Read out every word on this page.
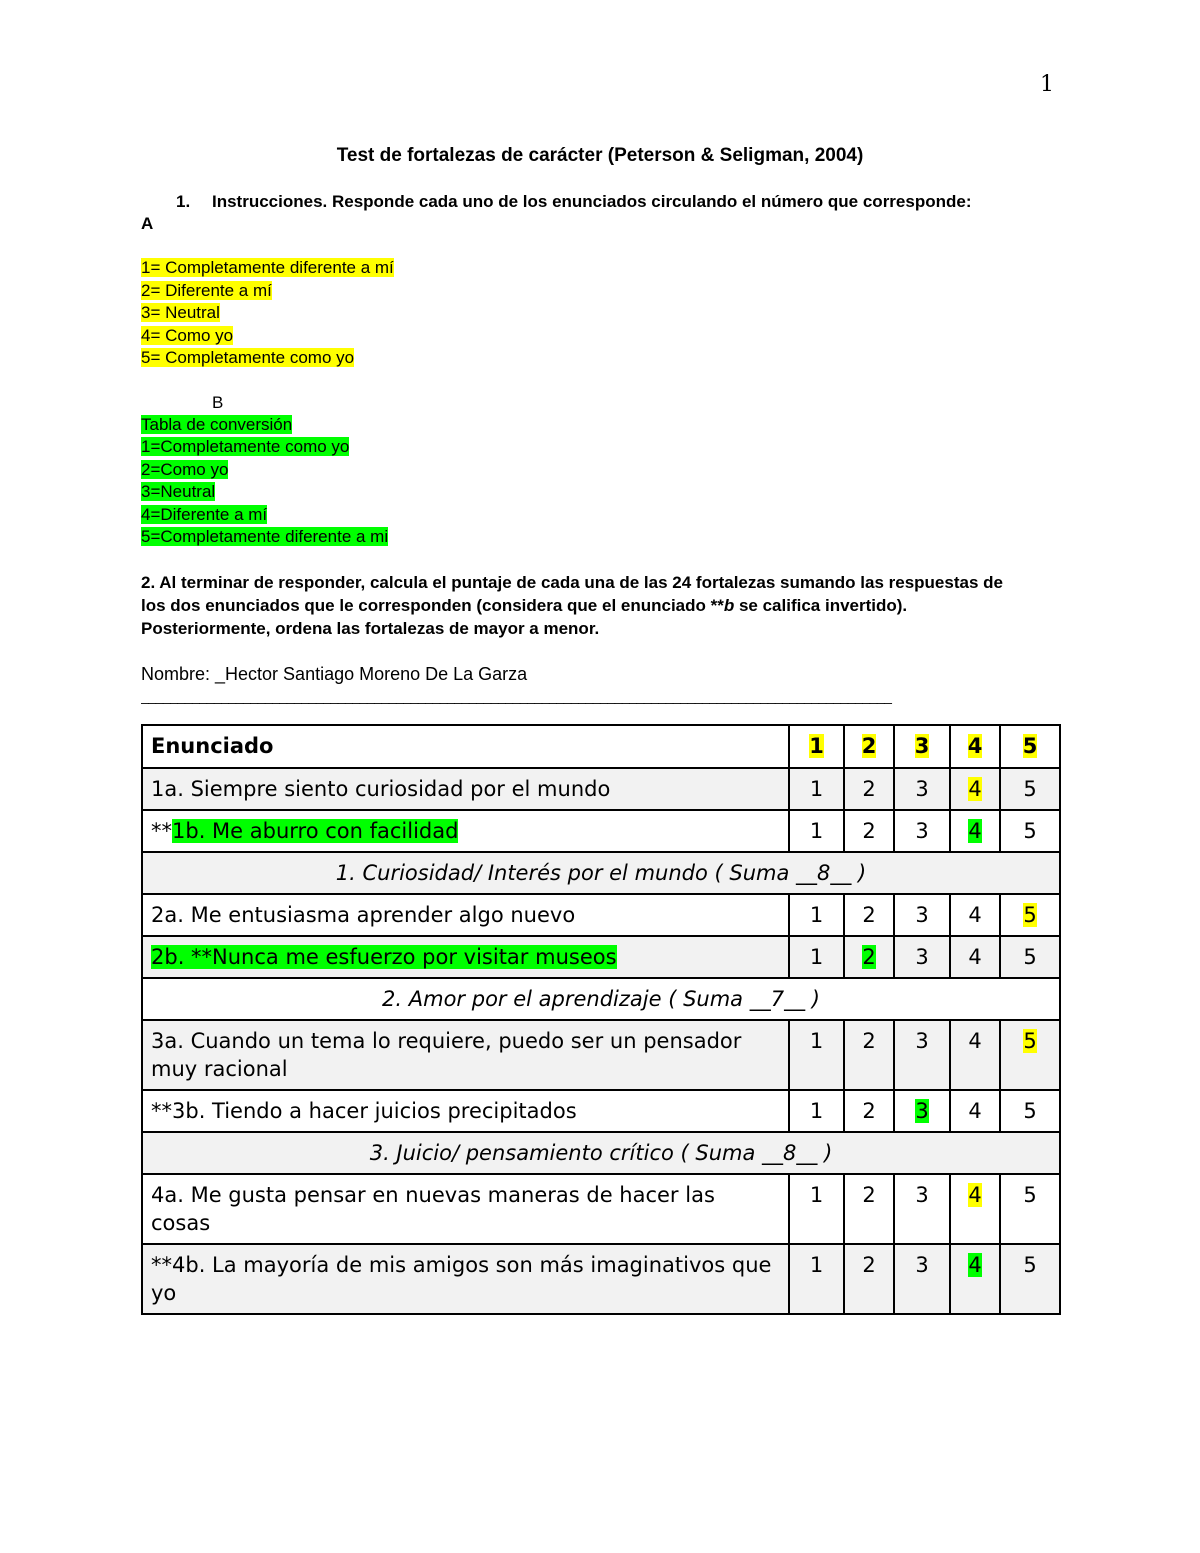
1

Test de fortalezas de carácter (Peterson & Seligman, 2004)

1.	Instrucciones. Responde cada uno de los enunciados circulando el número que corresponde:
A
1= Completamente diferente a mí
2= Diferente a mí
3= Neutral
4= Como yo
5= Completamente como yo
B
Tabla de conversión
1=Completamente como yo
2=Como yo
3=Neutral
4=Diferente a mí
5=Completamente diferente a mi
2. Al terminar de responder, calcula el puntaje de cada una de las 24 fortalezas sumando las respuestas de los dos enunciados que le corresponden (considera que el enunciado **b se califica invertido). Posteriormente, ordena las fortalezas de mayor a menor.
Nombre: _Hector Santiago Moreno De La Garza
_______________________________________________________________________________________________________
Enunciado	1	2	3	4	5
1a. Siempre siento curiosidad por el mundo	1	2	3	4	5
**1b. Me aburro con facilidad	1	2	3	4	5
1. Curiosidad/ Interés por el mundo ( Suma __8__ )					
2a. Me entusiasma aprender algo nuevo	1	2	3	4	5
2b. **Nunca me esfuerzo por visitar museos	1	2	3	4	5
2. Amor por el aprendizaje ( Suma __7__ )					
3a. Cuando un tema lo requiere, puedo ser un pensador muy racional	1	2	3	4	5
**3b. Tiendo a hacer juicios precipitados	1	2	3	4	5
3. Juicio/ pensamiento crítico ( Suma __8__ )					
4a. Me gusta pensar en nuevas maneras de hacer las cosas	1	2	3	4	5
**4b. La mayoría de mis amigos son más imaginativos que yo	1	2	3	4	5
